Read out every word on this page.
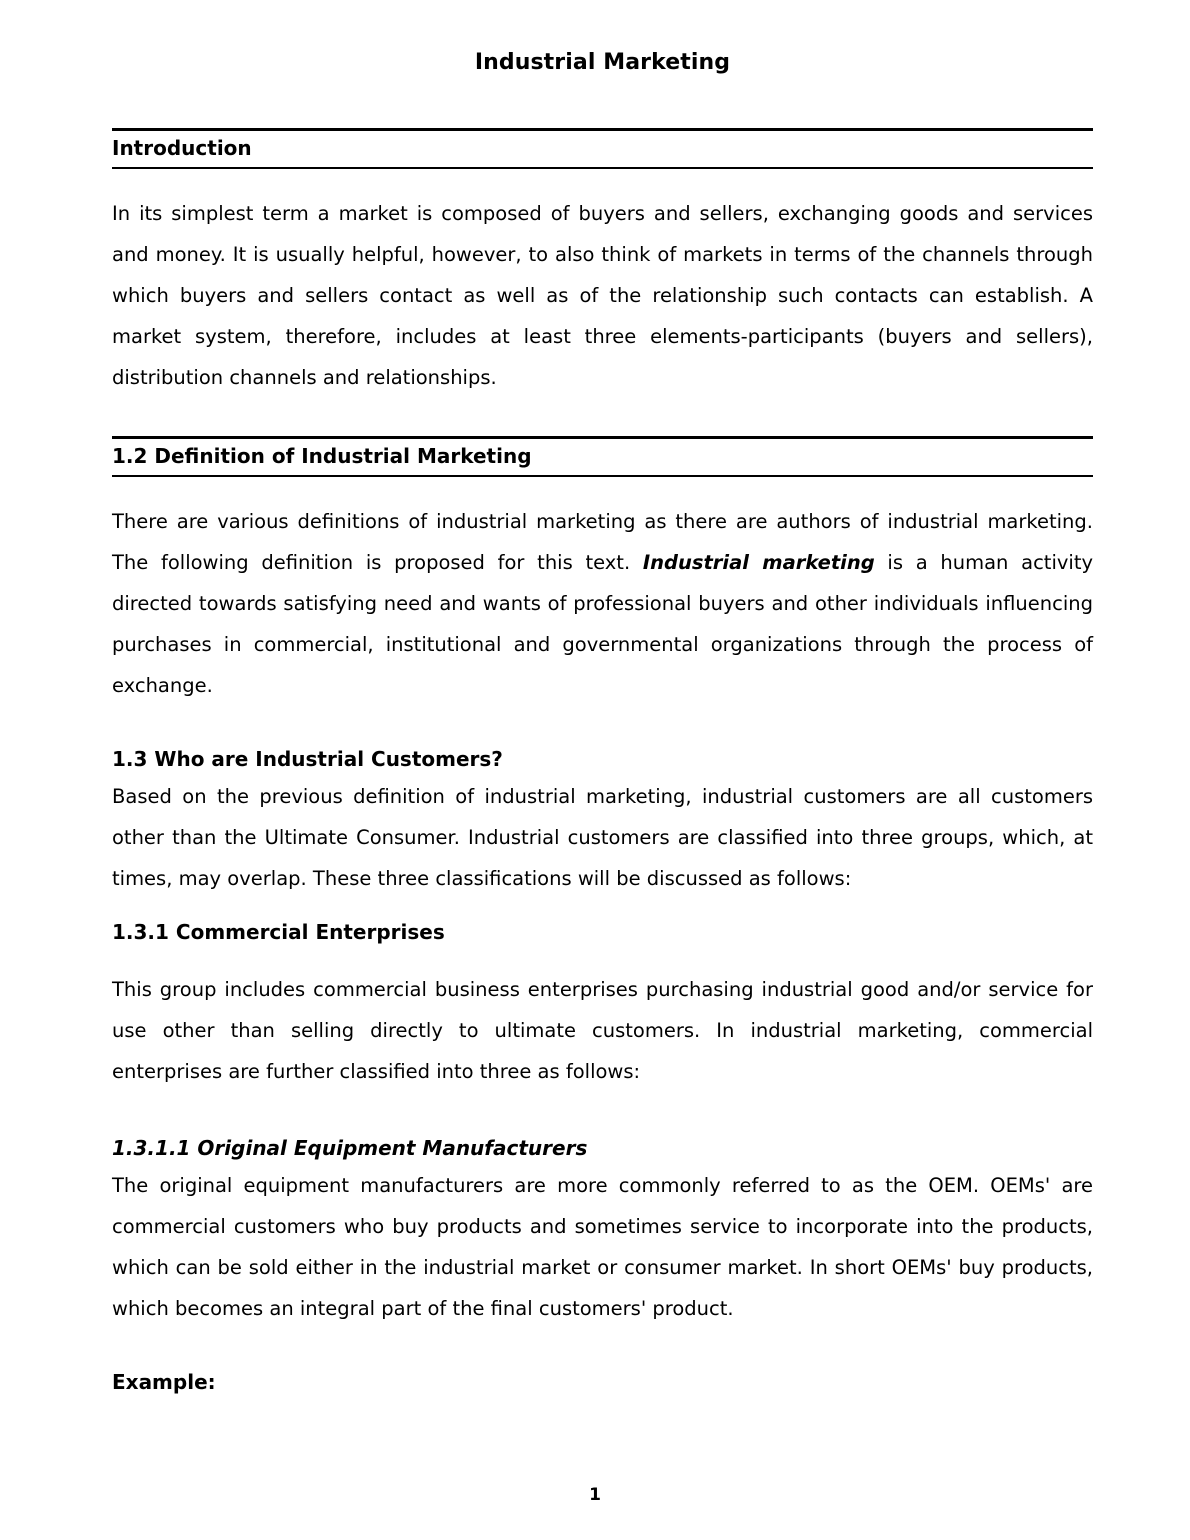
Industrial Marketing
Introduction

In its simplest term a market is composed of buyers and sellers, exchanging goods and services and money. It is usually helpful, however, to also think of markets in terms of the channels through which buyers and sellers contact as well as of the relationship such contacts can establish. A market system, therefore, includes at least three elements-participants (buyers and sellers), distribution channels and relationships.

1.2 Definition of Industrial Marketing

There are various definitions of industrial marketing as there are authors of industrial marketing. The following definition is proposed for this text. Industrial marketing is a human activity directed towards satisfying need and wants of professional buyers and other individuals influencing purchases in commercial, institutional and governmental organizations through the process of exchange.

1.3 Who are Industrial Customers?

Based on the previous definition of industrial marketing, industrial customers are all customers other than the Ultimate Consumer. Industrial customers are classified into three groups, which, at times, may overlap. These three classifications will be discussed as follows:

1.3.1 Commercial Enterprises

This group includes commercial business enterprises purchasing industrial good and/or service for use other than selling directly to ultimate customers. In industrial marketing, commercial enterprises are further classified into three as follows:

1.3.1.1 Original Equipment Manufacturers

The original equipment manufacturers are more commonly referred to as the OEM. OEMs' are commercial customers who buy products and sometimes service to incorporate into the products, which can be sold either in the industrial market or consumer market. In short OEMs' buy products, which becomes an integral part of the final customers' product.

Example:

1
